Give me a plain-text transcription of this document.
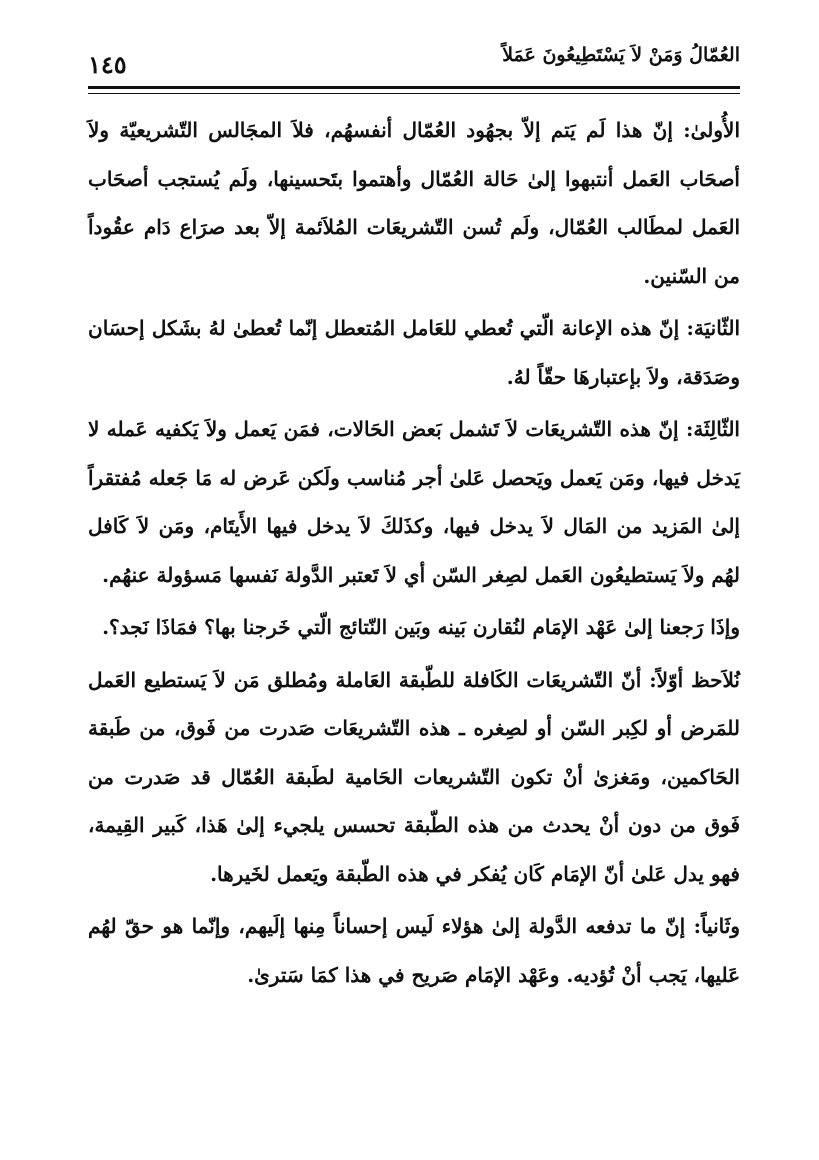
العُمّالُ وَمَنْ لاَ يَسْتَطِيعُونَ عَمَلاً
١٤٥

الأُولىٰ: إنّ هذا لَم يَتم إلاّ بجهُود العُمّال أنفسهُم، فلاَ المجَالس التّشريعيّة ولاَ أصحَاب العَمل أنتبهوا إلىٰ حَالة العُمّال وأهتموا بتَحسينها، ولَم يُستجب أصحَاب العَمل لمطَالب العُمّال، ولَم تُسن التّشريعَات المُلاَئمة إلاّ بعد صرَاع دَام عقُوداً من السّنين.

الثّانيَة: إنّ هذه الإعانة الّتي تُعطي للعَامل المُتعطل إنّما تُعطىٰ لهُ بشَكل إحسَان وصَدَقة، ولاَ بإعتبارهَا حقّاً لهُ.

الثّالِثَة: إنّ هذه التّشريعَات لاَ تَشمل بَعض الحَالات، فمَن يَعمل ولاَ يَكفيه عَمله لا يَدخل فيها، ومَن يَعمل ويَحصل عَلىٰ أجر مُناسب ولَكن عَرض له مَا جَعله مُفتقراً إلىٰ المَزيد من المَال لاَ يدخل فيها، وكذَلكَ لاَ يدخل فيها الأَيتَام، ومَن لاَ كَافل لهُم ولاَ يَستطيعُون العَمل لصِغر السّن أي لاَ تَعتبر الدَّولة نَفسها مَسؤولة عنهُم.

وإذَا رَجعنا إلىٰ عَهْد الإمَام لنُقارن بَينه وبَين النّتائج الّتي خَرجنا بها؟ فمَاذَا نَجد؟.

نُلاَحظ أوّلاً: أنّ التّشريعَات الكَافلة للطّبقة العَاملة ومُطلق مَن لاَ يَستطيع العَمل للمَرض أو لكِبر السّن أو لصِغره ـ هذه التّشريعَات صَدرت من فَوق، من طَبقة الحَاكمين، ومَغزىٰ أنْ تكون التّشريعات الحَامية لطَبقة العُمّال قد صَدرت من فَوق من دون أنْ يحدث من هذه الطّبقة تحسس يلجيء إلىٰ هَذا، كَبير القِيمة، فهو يدل عَلىٰ أنّ الإمَام كَان يُفكر في هذه الطّبقة ويَعمل لخَيرها.

وثَانياً: إنّ ما تدفعه الدَّولة إلىٰ هؤلاء لَيس إحساناً مِنها إلَيهم، وإنّما هو حقّ لهُم عَليها، يَجب أنْ تُؤديه. وعَهْد الإمَام صَريح في هذا كمَا سَترىٰ.
